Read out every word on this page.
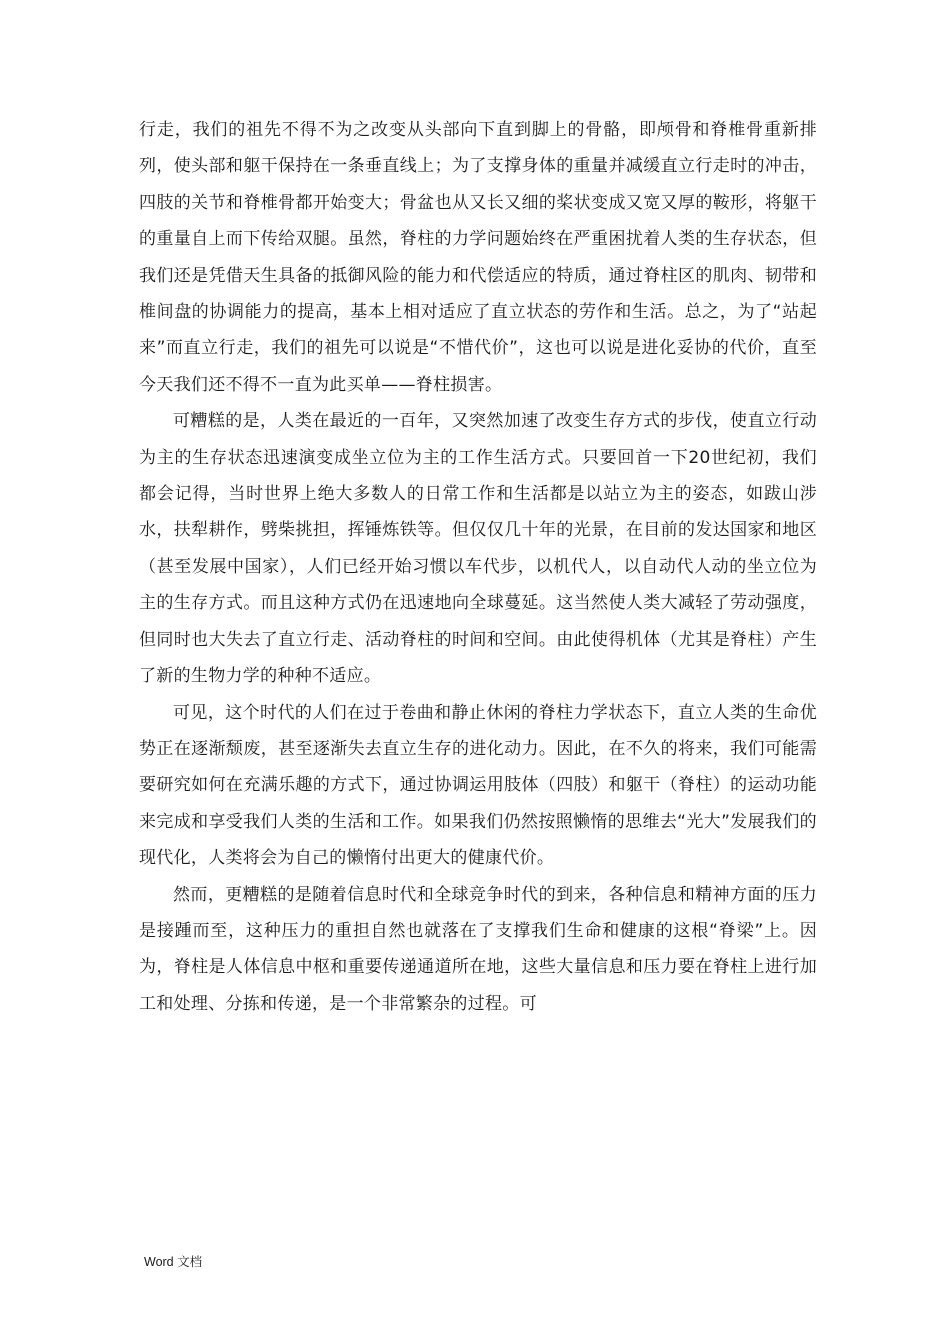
行走，我们的祖先不得不为之改变从头部向下直到脚上的骨骼，即颅骨和脊椎骨重新排列，使头部和躯干保持在一条垂直线上；为了支撑身体的重量并减缓直立行走时的冲击，四肢的关节和脊椎骨都开始变大；骨盆也从又长又细的桨状变成又宽又厚的鞍形，将躯干的重量自上而下传给双腿。虽然，脊柱的力学问题始终在严重困扰着人类的生存状态，但我们还是凭借天生具备的抵御风险的能力和代偿适应的特质，通过脊柱区的肌肉、韧带和椎间盘的协调能力的提高，基本上相对适应了直立状态的劳作和生活。总之，为了“站起来”而直立行走，我们的祖先可以说是“不惜代价”，这也可以说是进化妥协的代价，直至今天我们还不得不一直为此买单——脊柱损害。

可糟糕的是，人类在最近的一百年，又突然加速了改变生存方式的步伐，使直立行动为主的生存状态迅速演变成坐立位为主的工作生活方式。只要回首一下20世纪初，我们都会记得，当时世界上绝大多数人的日常工作和生活都是以站立为主的姿态，如跋山涉水，扶犁耕作，劈柴挑担，挥锤炼铁等。但仅仅几十年的光景，在目前的发达国家和地区（甚至发展中国家），人们已经开始习惯以车代步，以机代人，以自动代人动的坐立位为主的生存方式。而且这种方式仍在迅速地向全球蔓延。这当然使人类大减轻了劳动强度，但同时也大失去了直立行走、活动脊柱的时间和空间。由此使得机体（尤其是脊柱）产生了新的生物力学的种种不适应。

可见，这个时代的人们在过于卷曲和静止休闲的脊柱力学状态下，直立人类的生命优势正在逐渐颓废，甚至逐渐失去直立生存的进化动力。因此，在不久的将来，我们可能需要研究如何在充满乐趣的方式下，通过协调运用肢体（四肢）和躯干（脊柱）的运动功能来完成和享受我们人类的生活和工作。如果我们仍然按照懒惰的思维去“光大”发展我们的现代化，人类将会为自己的懒惰付出更大的健康代价。

然而，更糟糕的是随着信息时代和全球竞争时代的到来，各种信息和精神方面的压力是接踵而至，这种压力的重担自然也就落在了支撑我们生命和健康的这根“脊梁”上。因为，脊柱是人体信息中枢和重要传递通道所在地，这些大量信息和压力要在脊柱上进行加工和处理、分拣和传递，是一个非常繁杂的过程。可

Word 文档
